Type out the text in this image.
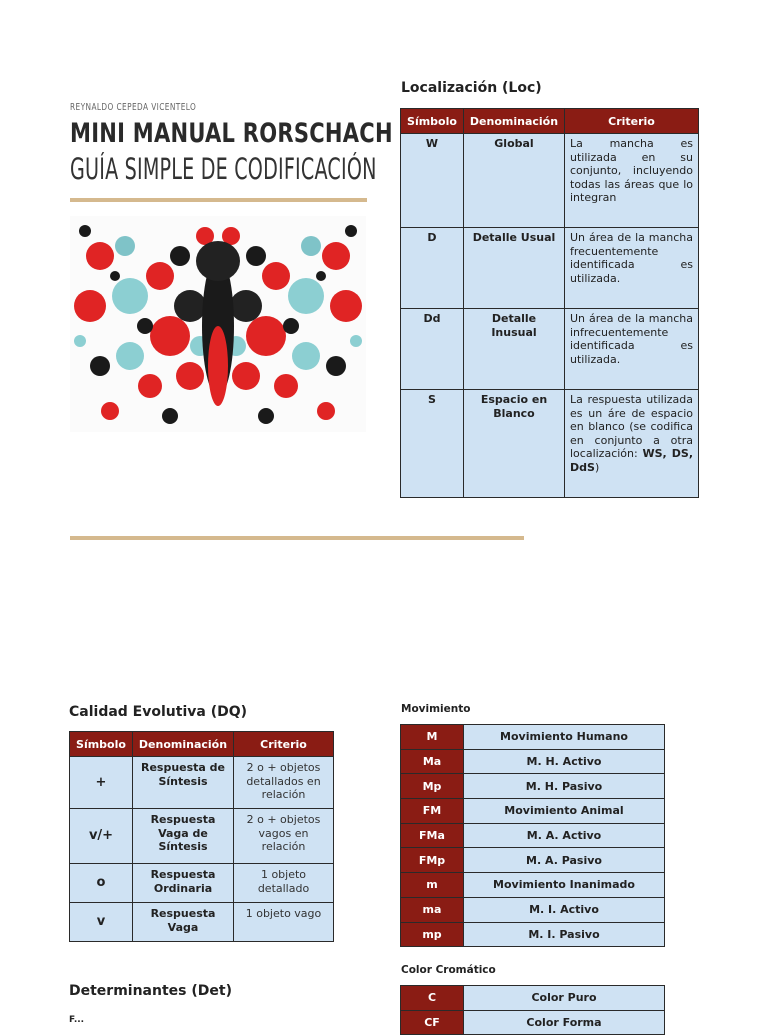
REYNALDO CEPEDA VICENTELO
MINI MANUAL RORSCHACH
GUÍA SIMPLE DE CODIFICACIÓN
Localización (Loc)
Símbolo	Denominación	Criterio
W	Global	La mancha es utilizada en su conjunto, incluyendo todas las áreas que lo integran
D	Detalle Usual	Un área de la mancha frecuentemente identificada es utilizada.
Dd	Detalle Inusual	Un área de la mancha infrecuentemente identificada es utilizada.
S	Espacio en Blanco	La respuesta utilizada es un áre de espacio en blanco (se codifica en conjunto a otra localización: WS, DS, DdS)
Calidad Evolutiva (DQ)
Símbolo	Denominación	Criterio
+	Respuesta de Síntesis	2 o + objetos detallados en relación
v/+	Respuesta Vaga de Síntesis	2 o + objetos vagos en relación
o	Respuesta Ordinaria	1 objeto detallado
v	Respuesta Vaga	1 objeto vago
Determinantes (Det)
F...
Movimiento
M	Movimiento Humano
Ma	M. H. Activo
Mp	M. H. Pasivo
FM	Movimiento Animal
FMa	M. A. Activo
FMp	M. A. Pasivo
m	Movimiento Inanimado
ma	M. I. Activo
mp	M. I. Pasivo
Color Cromático
C	Color Puro
CF	Color Forma
